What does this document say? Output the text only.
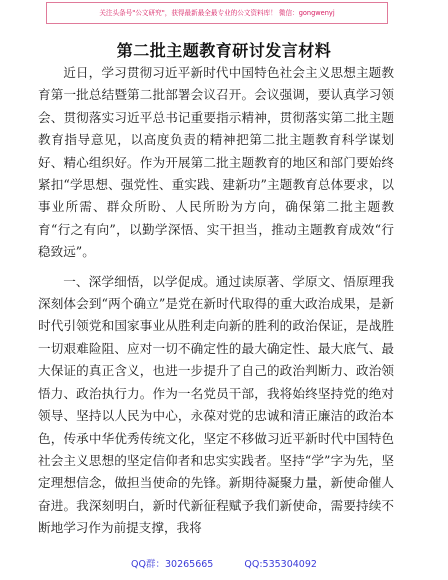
关注头条号"公文研究"，获得最新最全最专业的公文资料库！ 微信：gongwenyj
第二批主题教育研讨发言材料

近日，学习贯彻习近平新时代中国特色社会主义思想主题教育第一批总结暨第二批部署会议召开。会议强调，要认真学习领会、贯彻落实习近平总书记重要指示精神，贯彻落实第二批主题教育指导意见，以高度负责的精神把第二批主题教育科学谋划好、精心组织好。作为开展第二批主题教育的地区和部门要始终紧扣“学思想、强党性、重实践、建新功”主题教育总体要求，以事业所需、群众所盼、人民所盼为方向，确保第二批主题教育“行之有向”，以勤学深悟、实干担当，推动主题教育成效“行稳致远”。

一、深学细悟，以学促成。通过读原著、学原文、悟原理我深刻体会到“两个确立”是党在新时代取得的重大政治成果，是新时代引领党和国家事业从胜利走向新的胜利的政治保证，是战胜一切艰难险阻、应对一切不确定性的最大确定性、最大底气、最大保证的真正含义，也进一步提升了自己的政治判断力、政治领悟力、政治执行力。作为一名党员干部，我将始终坚持党的绝对领导、坚持以人民为中心，永葆对党的忠诚和清正廉洁的政治本色，传承中华优秀传统文化，坚定不移做习近平新时代中国特色社会主义思想的坚定信仰者和忠实实践者。坚持“学”字为先，坚定理想信念，做担当使命的先锋。新期待凝聚力量，新使命催人奋进。我深刻明白，新时代新征程赋予我们新使命，需要持续不断地学习作为前提支撑，我将

QQ群：30265665	QQ:535304092
